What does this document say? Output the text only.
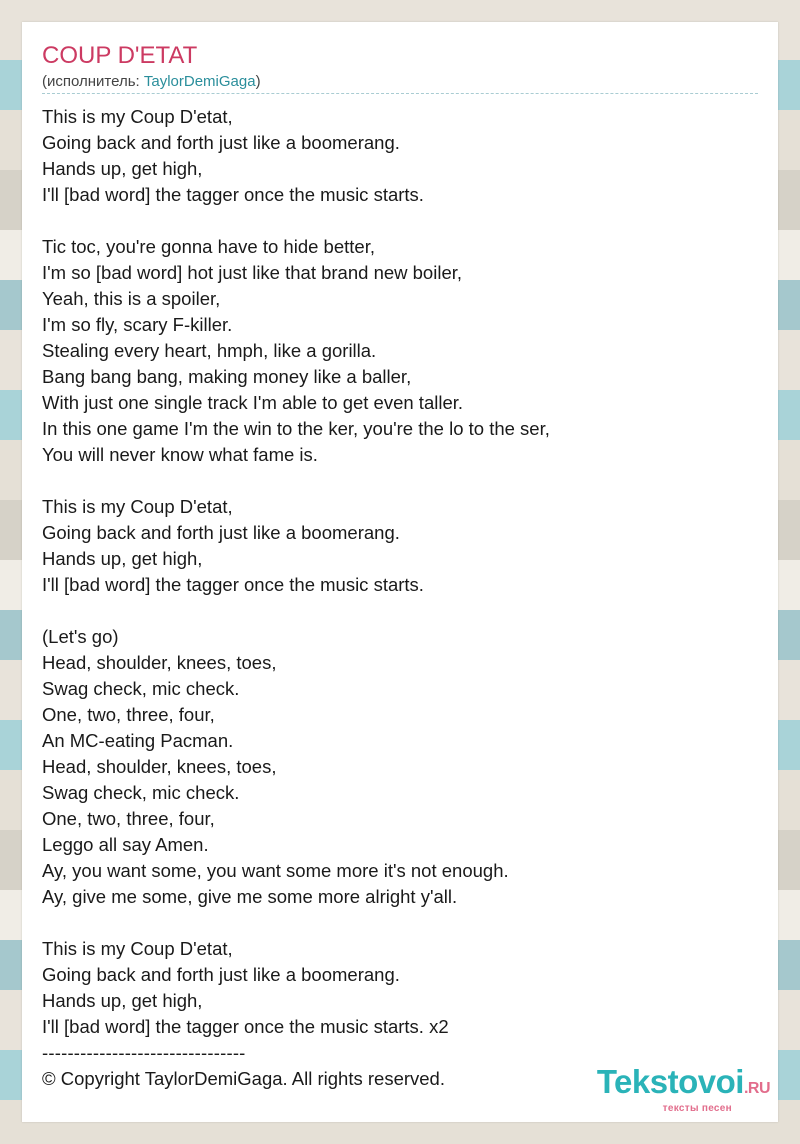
COUP D'ETAT
(исполнитель: TaylorDemiGaga)
This is my Coup D'etat,
Going back and forth just like a boomerang.
Hands up, get high,
I'll [bad word] the tagger once the music starts.
Tic toc, you're gonna have to hide better,
I'm so [bad word] hot just like that brand new boiler,
Yeah, this is a spoiler,
I'm so fly, scary F-killer.
Stealing every heart, hmph, like a gorilla.
Bang bang bang, making money like a baller,
With just one single track I'm able to get even taller.
In this one game I'm the win to the ker, you're the lo to the ser,
You will never know what fame is.
This is my Coup D'etat,
Going back and forth just like a boomerang.
Hands up, get high,
I'll [bad word] the tagger once the music starts.
(Let's go)
Head, shoulder, knees, toes,
Swag check, mic check.
One, two, three, four,
An MC-eating Pacman.
Head, shoulder, knees, toes,
Swag check, mic check.
One, two, three, four,
Leggo all say Amen.
Ay, you want some, you want some more it's not enough.
Ay, give me some, give me some more alright y'all.
This is my Coup D'etat,
Going back and forth just like a boomerang.
Hands up, get high,
I'll [bad word] the tagger once the music starts. x2
--------------------------------
© Copyright TaylorDemiGaga. All rights reserved.	Tekstovoi.RU
тексты песен
